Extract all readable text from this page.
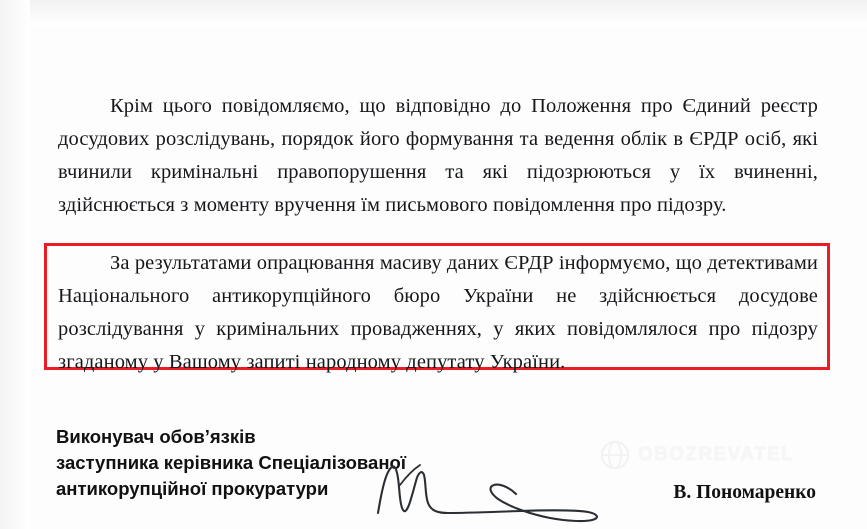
Крім цього повідомляємо, що відповідно до Положення про Єдиний реєстр досудових розслідувань, порядок його формування та ведення облік в ЄРДР осіб, які вчинили кримінальні правопорушення та які підозрюються у їх вчиненні, здійснюється з моменту вручення їм письмового повідомлення про підозру.

За результатами опрацювання масиву даних ЄРДР інформуємо, що детективами Національного антикорупційного бюро України не здійснюється досудове розслідування у кримінальних провадженнях, у яких повідомлялося про підозру згаданому у Вашому запиті народному депутату України.

Виконувач обов’язків
заступника керівника Спеціалізованої
антикорупційної прокуратури	В. Пономаренко
OBOZREVATEL
